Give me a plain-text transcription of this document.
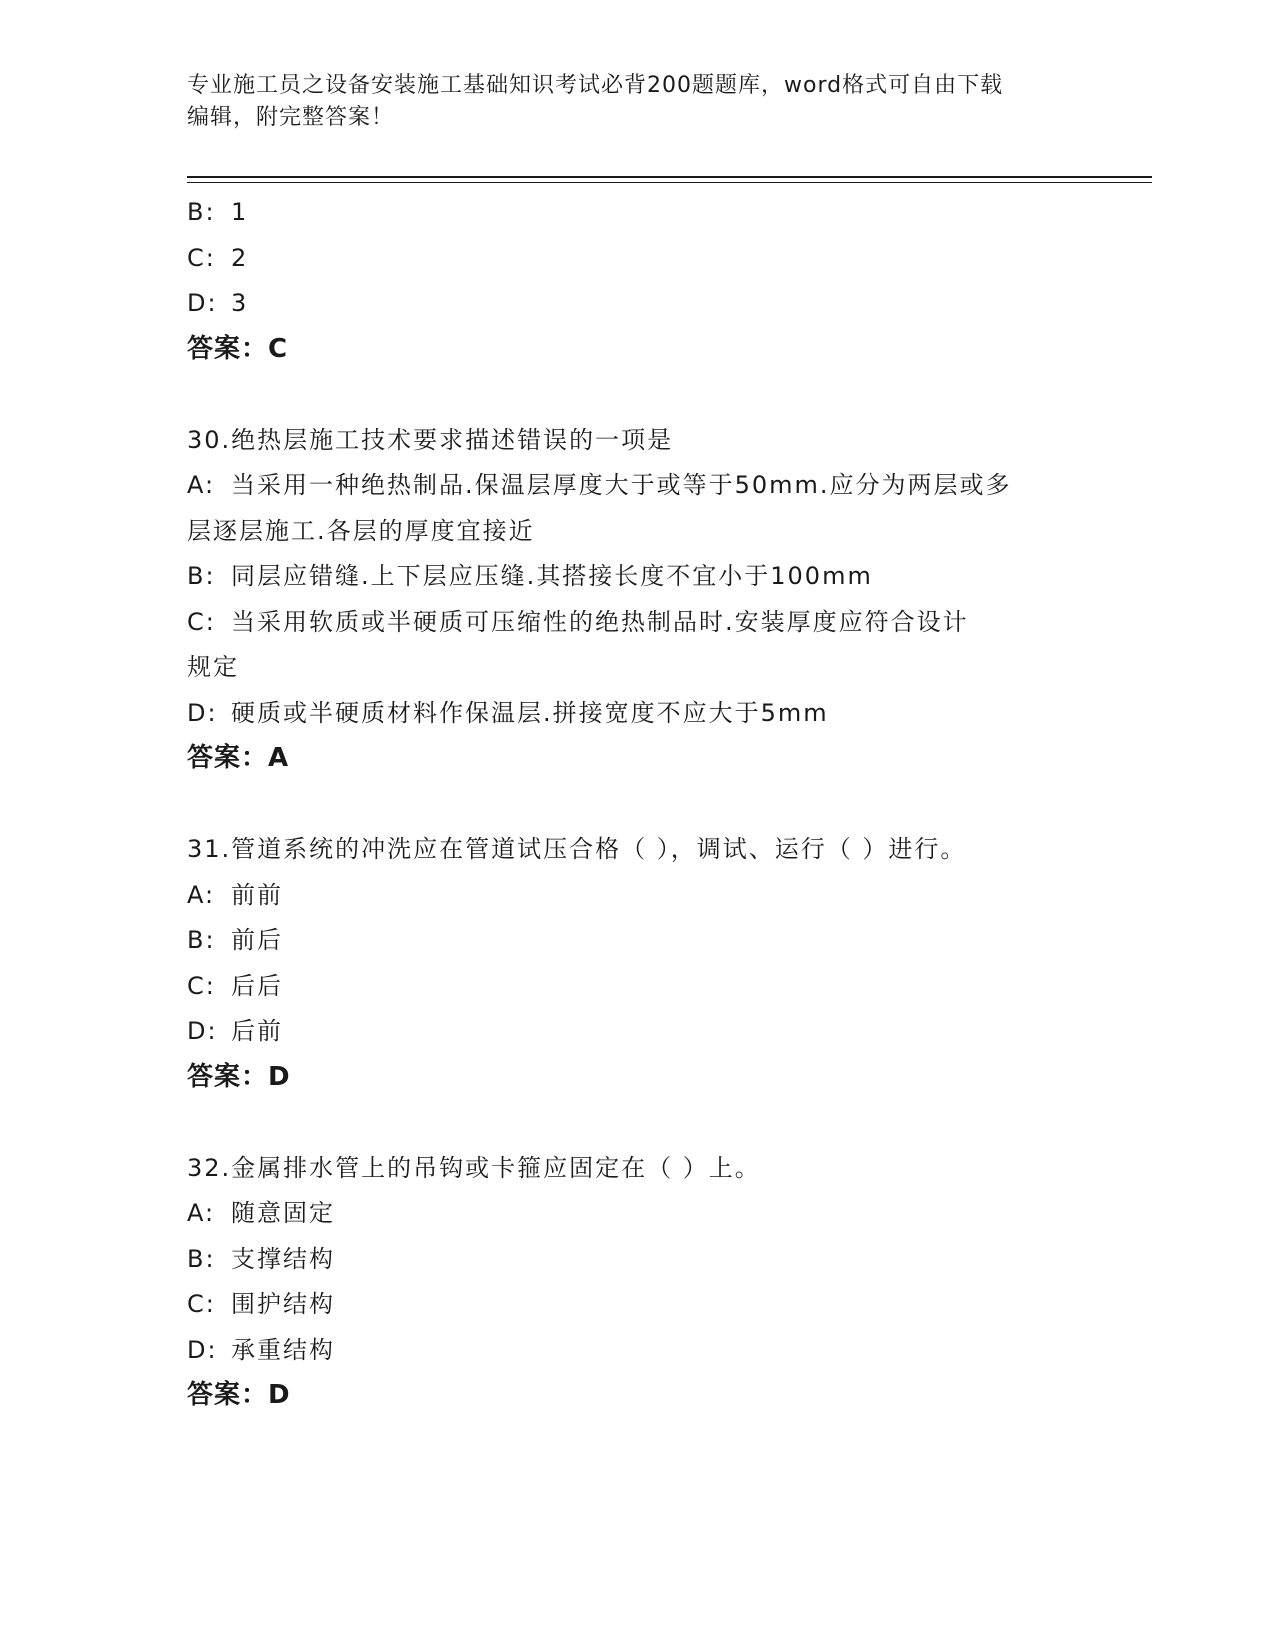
专业施工员之设备安装施工基础知识考试必背200题题库，word格式可自由下载
编辑，附完整答案！
B: 1
C: 2
D: 3
答案：C
30.绝热层施工技术要求描述错误的一项是
A: 当采用一种绝热制品.保温层厚度大于或等于50mm.应分为两层或多
层逐层施工.各层的厚度宜接近
B: 同层应错缝.上下层应压缝.其搭接长度不宜小于100mm
C: 当采用软质或半硬质可压缩性的绝热制品时.安装厚度应符合设计
规定
D: 硬质或半硬质材料作保温层.拼接宽度不应大于5mm
答案：A
31.管道系统的冲洗应在管道试压合格（ ），调试、运行（ ）进行。
A: 前前
B: 前后
C: 后后
D: 后前
答案：D
32.金属排水管上的吊钩或卡箍应固定在（ ）上。
A: 随意固定
B: 支撑结构
C: 围护结构
D: 承重结构
答案：D
